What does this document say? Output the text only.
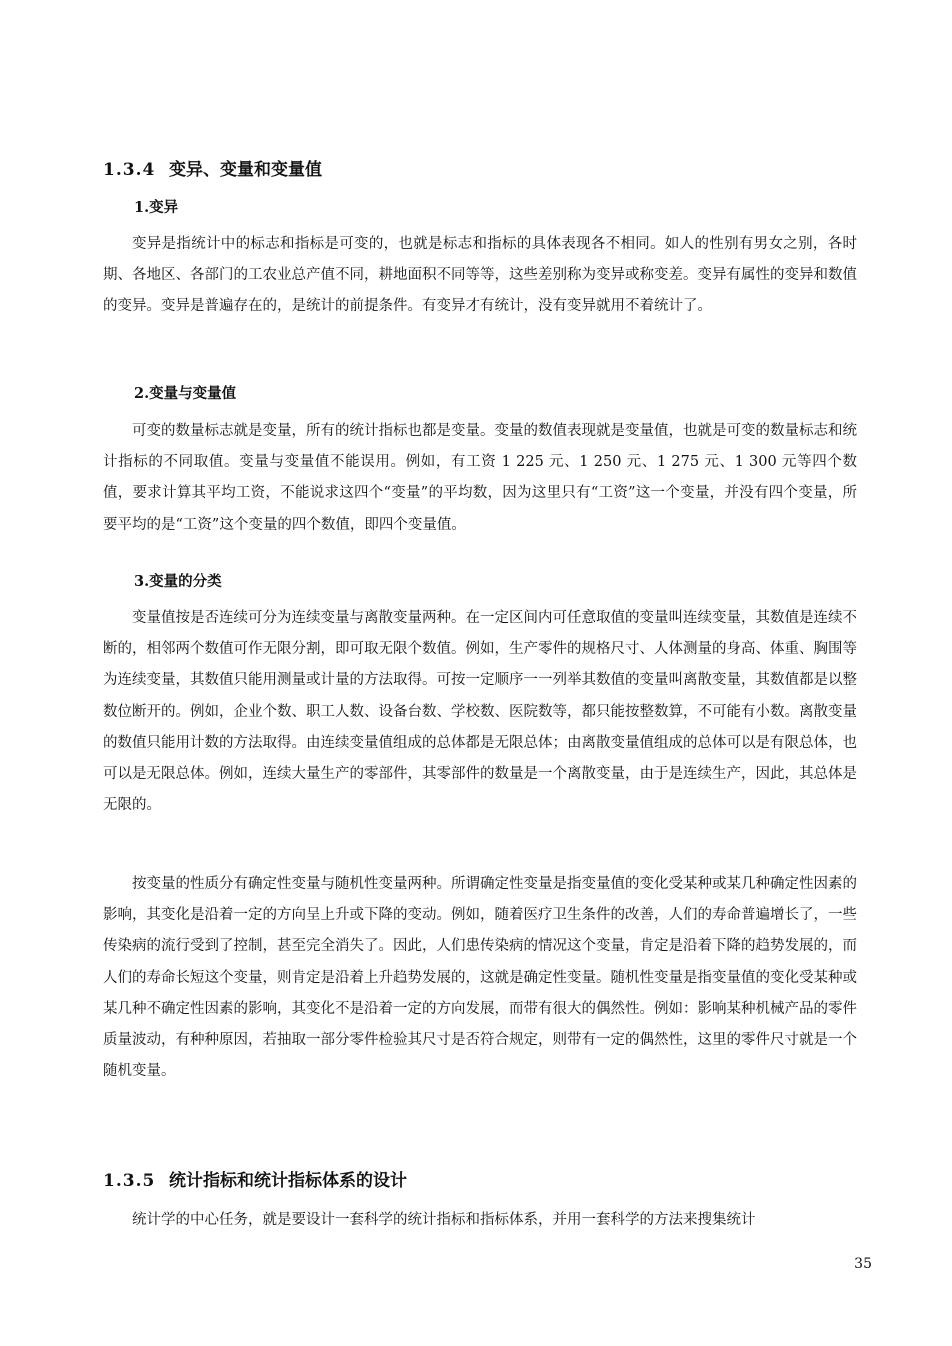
1.3.4 变异、变量和变量值
1.变异

变异是指统计中的标志和指标是可变的，也就是标志和指标的具体表现各不相同。如人的性别有男女之别，各时期、各地区、各部门的工农业总产值不同，耕地面积不同等等，这些差别称为变异或称变差。变异有属性的变异和数值的变异。变异是普遍存在的，是统计的前提条件。有变异才有统计，没有变异就用不着统计了。

2.变量与变量值

可变的数量标志就是变量，所有的统计指标也都是变量。变量的数值表现就是变量值，也就是可变的数量标志和统计指标的不同取值。变量与变量值不能误用。例如，有工资 1 225 元、1 250 元、1 275 元、1 300 元等四个数值，要求计算其平均工资，不能说求这四个“变量”的平均数，因为这里只有“工资”这一个变量，并没有四个变量，所要平均的是“工资”这个变量的四个数值，即四个变量值。

3.变量的分类

变量值按是否连续可分为连续变量与离散变量两种。在一定区间内可任意取值的变量叫连续变量，其数值是连续不断的，相邻两个数值可作无限分割，即可取无限个数值。例如，生产零件的规格尺寸、人体测量的身高、体重、胸围等为连续变量，其数值只能用测量或计量的方法取得。可按一定顺序一一列举其数值的变量叫离散变量，其数值都是以整数位断开的。例如，企业个数、职工人数、设备台数、学校数、医院数等，都只能按整数算，不可能有小数。离散变量的数值只能用计数的方法取得。由连续变量值组成的总体都是无限总体；由离散变量值组成的总体可以是有限总体，也可以是无限总体。例如，连续大量生产的零部件，其零部件的数量是一个离散变量，由于是连续生产，因此，其总体是无限的。

按变量的性质分有确定性变量与随机性变量两种。所谓确定性变量是指变量值的变化受某种或某几种确定性因素的影响，其变化是沿着一定的方向呈上升或下降的变动。例如，随着医疗卫生条件的改善，人们的寿命普遍增长了，一些传染病的流行受到了控制，甚至完全消失了。因此，人们患传染病的情况这个变量，肯定是沿着下降的趋势发展的，而人们的寿命长短这个变量，则肯定是沿着上升趋势发展的，这就是确定性变量。随机性变量是指变量值的变化受某种或某几种不确定性因素的影响，其变化不是沿着一定的方向发展，而带有很大的偶然性。例如：影响某种机械产品的零件质量波动，有种种原因，若抽取一部分零件检验其尺寸是否符合规定，则带有一定的偶然性，这里的零件尺寸就是一个随机变量。

1.3.5 统计指标和统计指标体系的设计

统计学的中心任务，就是要设计一套科学的统计指标和指标体系，并用一套科学的方法来搜集统计

35
